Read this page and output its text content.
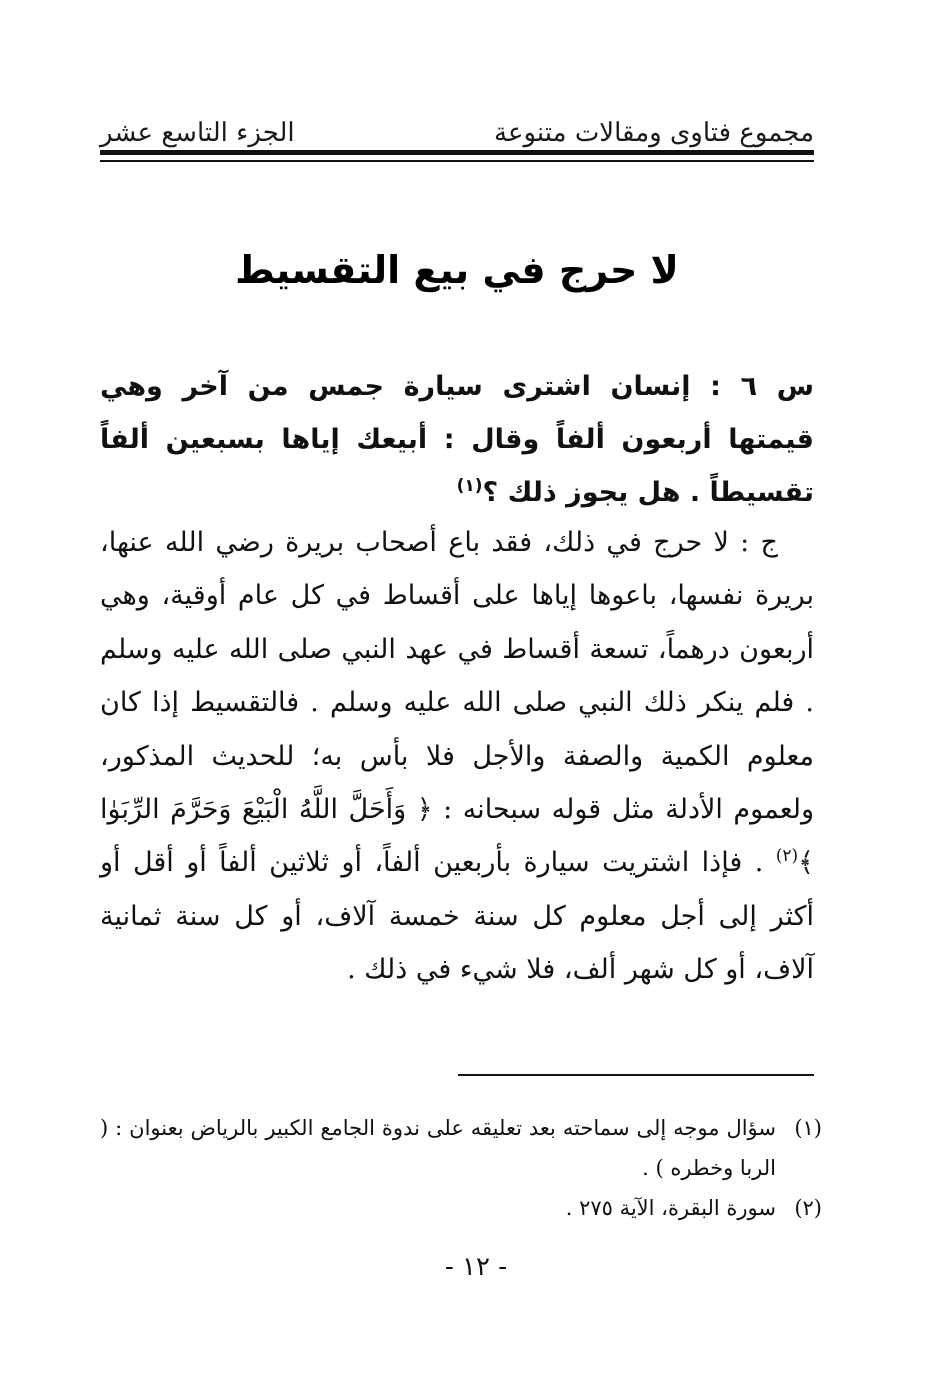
مجموع فتاوى ومقالات متنوعة
الجزء التاسع عشر
لا حرج في بيع التقسيط
س ٦ : إنسان اشترى سيارة جمس من آخر وهي قيمتها أربعون ألفاً وقال : أبيعك إياها بسبعين ألفاً تقسيطاً . هل يجوز ذلك ؟$^{(١)}$
ج : لا حرج في ذلك، فقد باع أصحاب بريرة رضي الله عنها، بريرة نفسها، باعوها إياها على أقساط في كل عام أوقية، وهي أربعون درهماً، تسعة أقساط في عهد النبي صلى الله عليه وسلم . فلم ينكر ذلك النبي صلى الله عليه وسلم . فالتقسيط إذا كان معلوم الكمية والصفة والأجل فلا بأس به؛ للحديث المذكور، ولعموم الأدلة مثل قوله سبحانه : ﴿ وَأَحَلَّ اللَّهُ الْبَيْعَ وَحَرَّمَ الرِّبَوٰا ﴾$^{(٢)}$ . فإذا اشتريت سيارة بأربعين ألفاً، أو ثلاثين ألفاً أو أقل أو أكثر إلى أجل معلوم كل سنة خمسة آلاف، أو كل سنة ثمانية آلاف، أو كل شهر ألف، فلا شيء في ذلك .
(١)
سؤال موجه إلى سماحته بعد تعليقه على ندوة الجامع الكبير بالرياض بعنوان : ( الربا وخطره ) .
(٢)
سورة البقرة، الآية ٢٧٥ .
- ١٢ -
